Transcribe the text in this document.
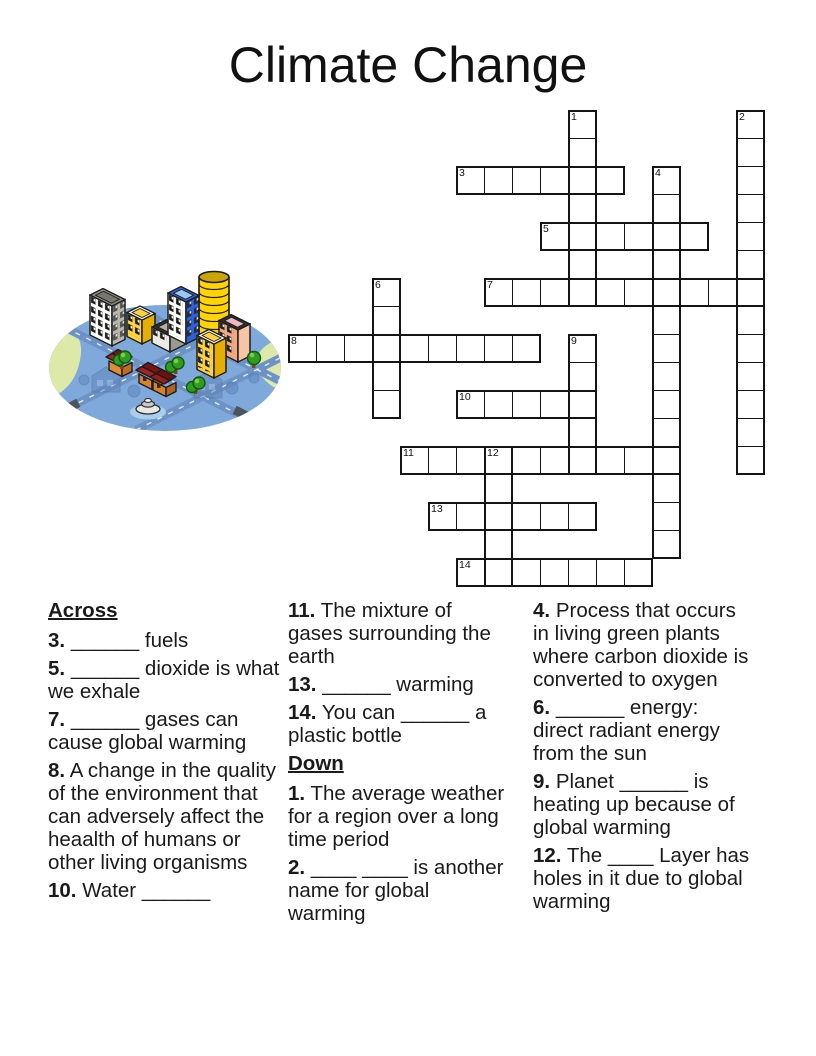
Climate Change
1	2
3	4
5
6	7
8	9
10
11	12
13
14
Across
3. ______ fuels
5. ______ dioxide is what we exhale
7. ______ gases can cause global warming
8. A change in the quality of the environment that can adversely affect the heaalth of humans or other living organisms
10. Water ______
11. The mixture of gases surrounding the earth
13. ______ warming
14. You can ______ a plastic bottle
Down
1. The average weather for a region over a long time period
2. ____ ____ is another name for global warming
4. Process that occurs in living green plants where carbon dioxide is converted to oxygen
6. ______ energy: direct radiant energy from the sun
9. Planet ______ is heating up because of global warming
12. The ____ Layer has holes in it due to global warming
